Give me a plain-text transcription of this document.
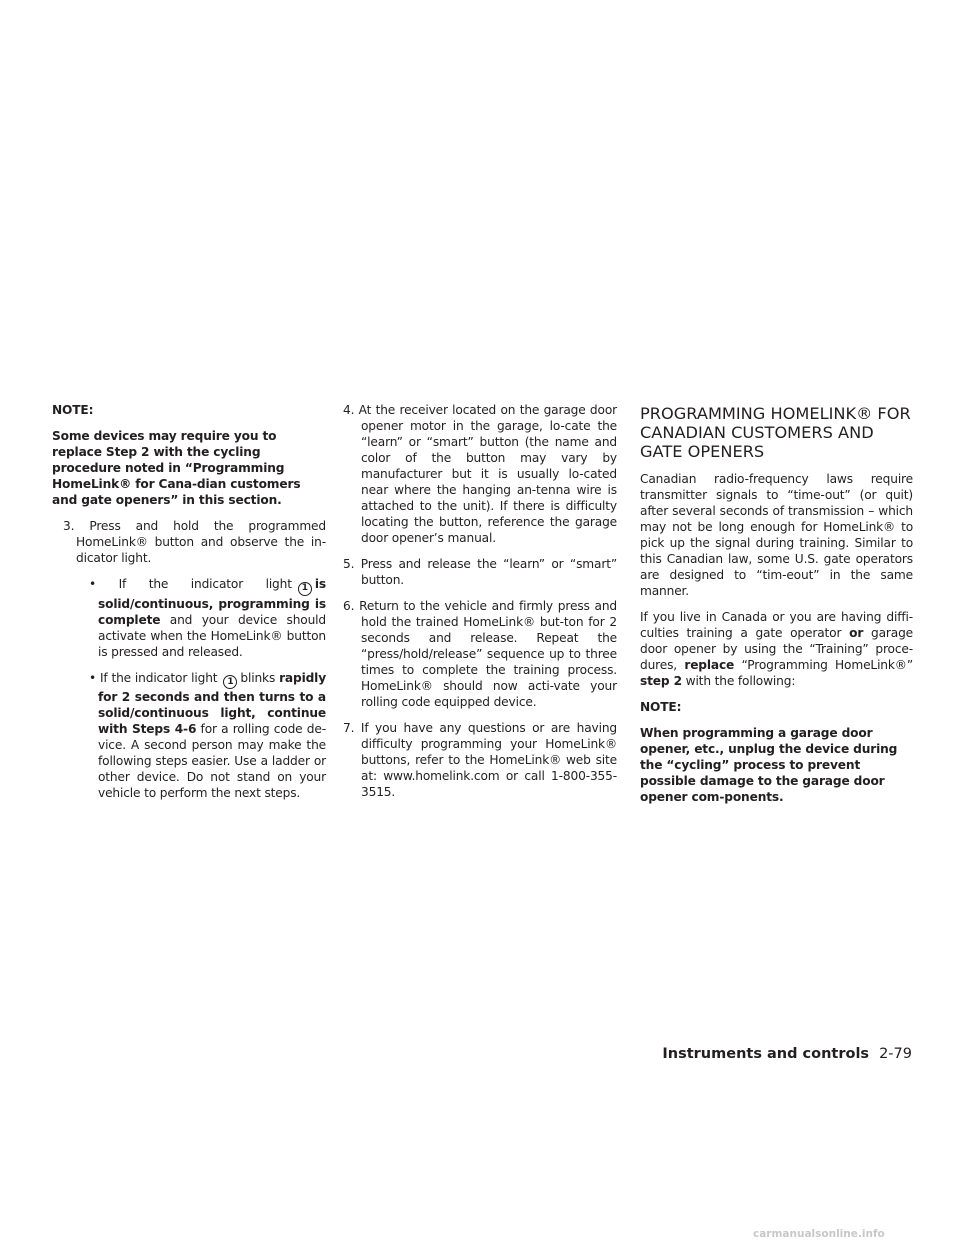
NOTE:

Some devices may require you to replace Step 2 with the cycling procedure noted in “Programming HomeLink® for Cana-dian customers and gate openers” in this section.

3. Press and hold the programmed HomeLink® button and observe the in-dicator light.

• If the indicator light 1 is solid/continuous, programming is complete and your device should activate when the HomeLink® button is pressed and released.

• If the indicator light 1 blinks rapidly for 2 seconds and then turns to a solid/continuous light, continue with Steps 4-6 for a rolling code de-vice. A second person may make the following steps easier. Use a ladder or other device. Do not stand on your vehicle to perform the next steps.

4. At the receiver located on the garage door opener motor in the garage, lo-cate the “learn” or “smart” button (the name and color of the button may vary by manufacturer but it is usually lo-cated near where the hanging an-tenna wire is attached to the unit). If there is difficulty locating the button, reference the garage door opener’s manual.

5. Press and release the “learn” or “smart” button.

6. Return to the vehicle and firmly press and hold the trained HomeLink® but-ton for 2 seconds and release. Repeat the “press/hold/release” sequence up to three times to complete the training process. HomeLink® should now acti-vate your rolling code equipped device.

7. If you have any questions or are having difficulty programming your HomeLink® buttons, refer to the HomeLink® web site at: www.homelink.com or call 1-800-355-3515.

PROGRAMMING HOMELINK® FOR CANADIAN CUSTOMERS AND GATE OPENERS

Canadian radio-frequency laws require transmitter signals to “time-out” (or quit) after several seconds of transmission – which may not be long enough for HomeLink® to pick up the signal during training. Similar to this Canadian law, some U.S. gate operators are designed to “tim-eout” in the same manner.

If you live in Canada or you are having diffi-culties training a gate operator or garage door opener by using the “Training” proce-dures, replace “Programming HomeLink®” step 2 with the following:

NOTE:

When programming a garage door opener, etc., unplug the device during the “cycling” process to prevent possible damage to the garage door opener com-ponents.

Instruments and controls 2-79
carmanualsonline.info
